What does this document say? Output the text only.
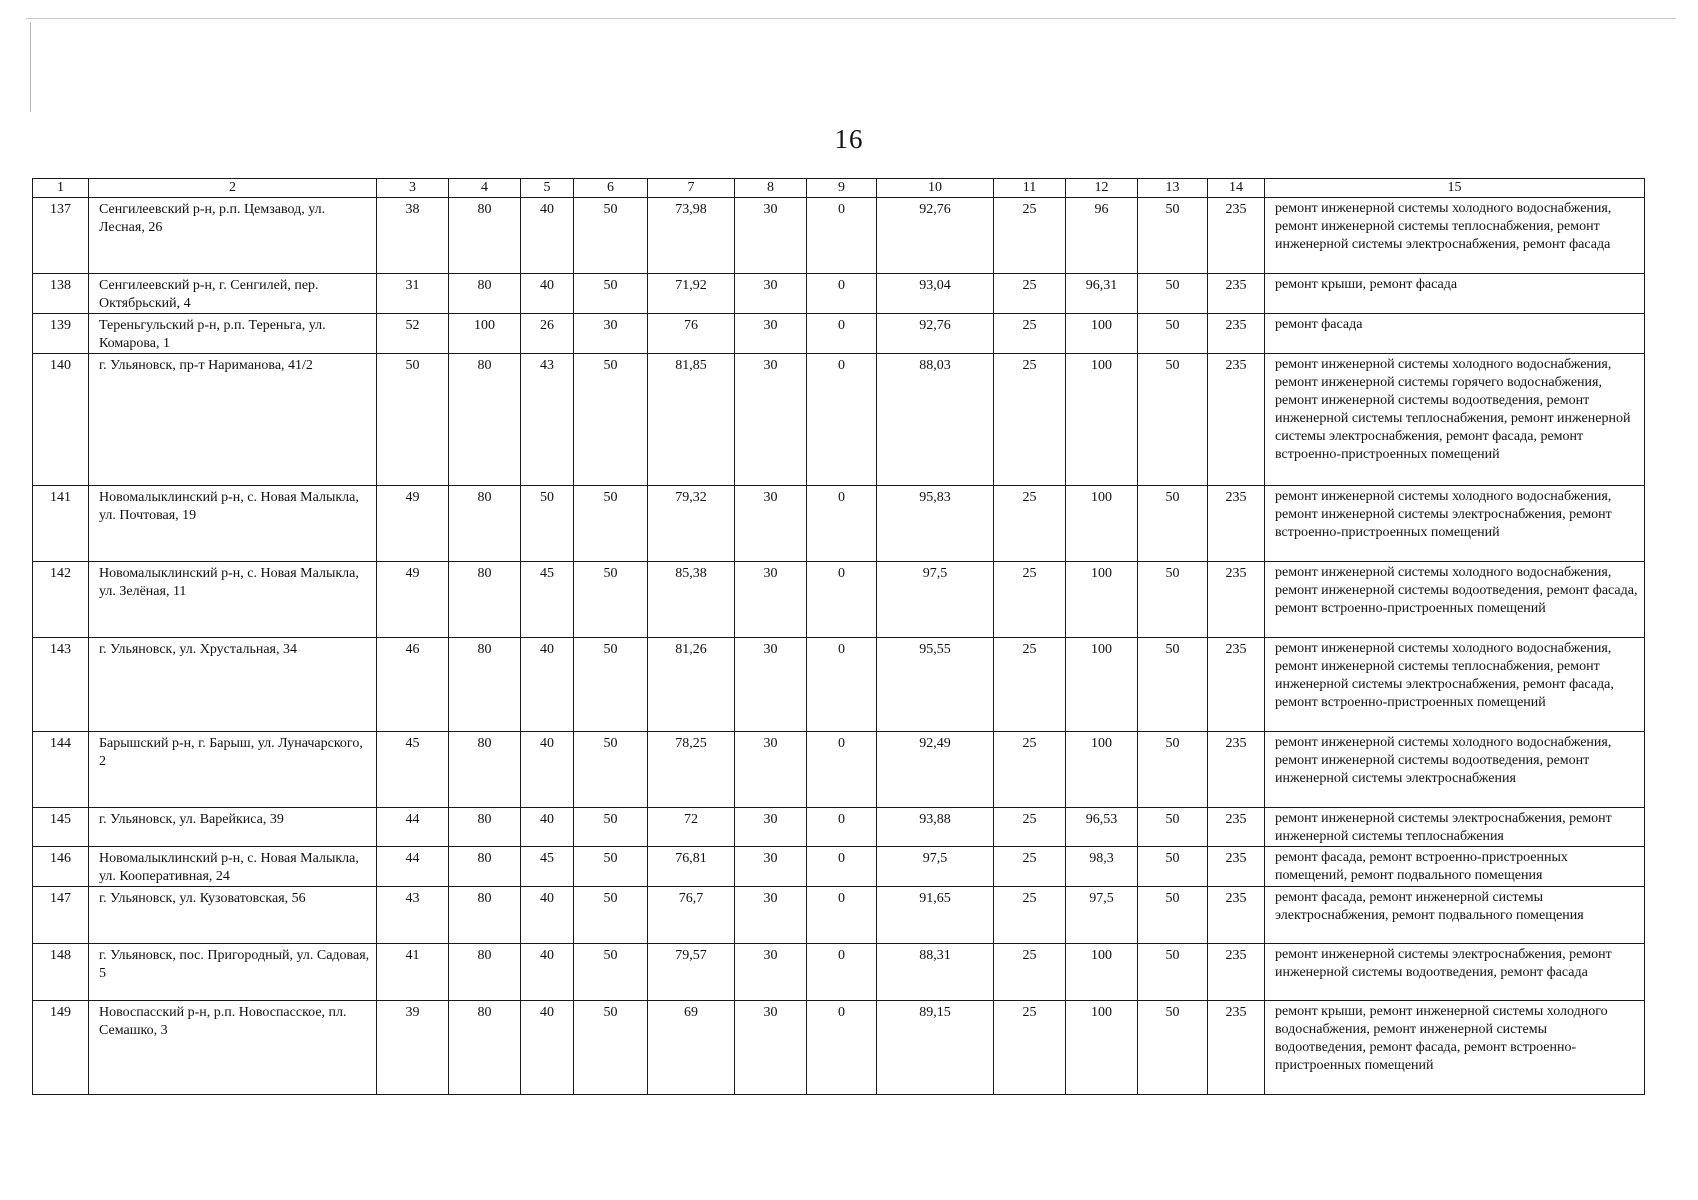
16
1	2	3	4	5	6	7	8	9	10	11	12	13	14	15
137	Сенгилеевский р-н, р.п. Цемзавод, ул. Лесная, 26	38	80	40	50	73,98	30	0	92,76	25	96	50	235	ремонт инженерной системы холодного водоснабжения, ремонт инженерной системы теплоснабжения, ремонт инженерной системы электроснабжения, ремонт фасада
138	Сенгилеевский р-н, г. Сенгилей, пер. Октябрьский, 4	31	80	40	50	71,92	30	0	93,04	25	96,31	50	235	ремонт крыши, ремонт фасада
139	Тереньгульский р-н, р.п. Тереньга, ул. Комарова, 1	52	100	26	30	76	30	0	92,76	25	100	50	235	ремонт фасада
140	г. Ульяновск, пр-т Нариманова, 41/2	50	80	43	50	81,85	30	0	88,03	25	100	50	235	ремонт инженерной системы холодного водоснабжения, ремонт инженерной системы горячего водоснабжения, ремонт инженерной системы водоотведения, ремонт инженерной системы теплоснабжения, ремонт инженерной системы электроснабжения, ремонт фасада, ремонт встроенно-пристроенных помещений
141	Новомалыклинский р-н, с. Новая Малыкла, ул. Почтовая, 19	49	80	50	50	79,32	30	0	95,83	25	100	50	235	ремонт инженерной системы холодного водоснабжения, ремонт инженерной системы электроснабжения, ремонт встроенно-пристроенных помещений
142	Новомалыклинский р-н, с. Новая Малыкла, ул. Зелёная, 11	49	80	45	50	85,38	30	0	97,5	25	100	50	235	ремонт инженерной системы холодного водоснабжения, ремонт инженерной системы водоотведения, ремонт фасада, ремонт встроенно-пристроенных помещений
143	г. Ульяновск, ул. Хрустальная, 34	46	80	40	50	81,26	30	0	95,55	25	100	50	235	ремонт инженерной системы холодного водоснабжения, ремонт инженерной системы теплоснабжения, ремонт инженерной системы электроснабжения, ремонт фасада, ремонт встроенно-пристроенных помещений
144	Барышский р-н, г. Барыш, ул. Луначарского, 2	45	80	40	50	78,25	30	0	92,49	25	100	50	235	ремонт инженерной системы холодного водоснабжения, ремонт инженерной системы водоотведения, ремонт инженерной системы электроснабжения
145	г. Ульяновск, ул. Варейкиса, 39	44	80	40	50	72	30	0	93,88	25	96,53	50	235	ремонт инженерной системы электроснабжения, ремонт инженерной системы теплоснабжения
146	Новомалыклинский р-н, с. Новая Малыкла, ул. Кооперативная, 24	44	80	45	50	76,81	30	0	97,5	25	98,3	50	235	ремонт фасада, ремонт встроенно-пристроенных помещений, ремонт подвального помещения
147	г. Ульяновск, ул. Кузоватовская, 56	43	80	40	50	76,7	30	0	91,65	25	97,5	50	235	ремонт фасада, ремонт инженерной системы электроснабжения, ремонт подвального помещения
148	г. Ульяновск, пос. Пригородный, ул. Садовая, 5	41	80	40	50	79,57	30	0	88,31	25	100	50	235	ремонт инженерной системы электроснабжения, ремонт инженерной системы водоотведения, ремонт фасада
149	Новоспасский р-н, р.п. Новоспасское, пл. Семашко, 3	39	80	40	50	69	30	0	89,15	25	100	50	235	ремонт крыши, ремонт инженерной системы холодного водоснабжения, ремонт инженерной системы водоотведения, ремонт фасада, ремонт встроенно-пристроенных помещений
